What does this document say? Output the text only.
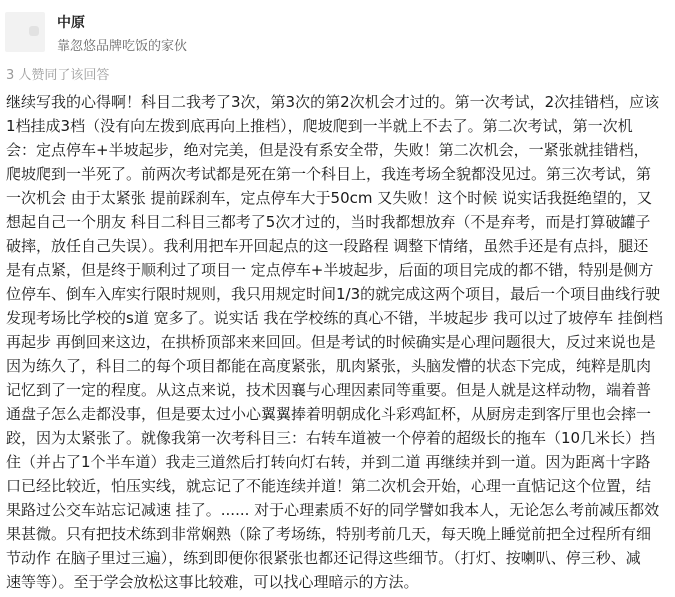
中原
靠忽悠品牌吃饭的家伙
3 人赞同了该回答
继续写我的心得啊！科目二我考了3次，第3次的第2次机会才过的。第一次考试，2次挂错档，应该
1档挂成3档（没有向左拨到底再向上推档），爬坡爬到一半就上不去了。第二次考试，第一次机
会：定点停车+半坡起步，绝对完美，但是没有系安全带，失败！第二次机会，一紧张就挂错档，
爬坡爬到一半死了。前两次考试都是死在第一个科目上，我连考场全貌都没见过。第三次考试，第
一次机会 由于太紧张 提前踩刹车，定点停车大于50cm 又失败！这个时候 说实话我挺绝望的，又
想起自己一个朋友 科目二科目三都考了5次才过的，当时我都想放弃（不是弃考，而是打算破罐子
破摔，放任自己失误）。我利用把车开回起点的这一段路程 调整下情绪，虽然手还是有点抖，腿还
是有点紧，但是终于顺利过了项目一 定点停车+半坡起步，后面的项目完成的都不错，特别是侧方
位停车、倒车入库实行限时规则，我只用规定时间1/3的就完成这两个项目，最后一个项目曲线行驶
发现考场比学校的s道 宽多了。说实话 我在学校练的真心不错，半坡起步 我可以过了坡停车 挂倒档
再起步 再倒回来这边，在拱桥顶部来来回回。但是考试的时候确实是心理问题很大，反过来说也是
因为练久了，科目二的每个项目都能在高度紧张，肌肉紧张，头脑发懵的状态下完成，纯粹是肌肉
记忆到了一定的程度。从这点来说，技术因襄与心理因素同等重要。但是人就是这样动物，端着普
通盘子怎么走都没事，但是要太过小心翼翼捧着明朝成化斗彩鸡缸杯，从厨房走到客厅里也会摔一
跤，因为太紧张了。就像我第一次考科目三：右转车道被一个停着的超级长的拖车（10几米长）挡
住（并占了1个半车道）我走三道然后打转向灯右转，并到二道 再继续并到一道。因为距离十字路
口已经比较近，怕压实线，就忘记了不能连续并道！第二次机会开始，心理一直惦记这个位置，结
果路过公交车站忘记减速 挂了。...... 对于心理素质不好的同学譬如我本人，无论怎么考前减压都效
果甚微。只有把技术练到非常娴熟（除了考场练，特别考前几天，每天晚上睡觉前把全过程所有细
节动作 在脑子里过三遍），练到即便你很紧张也都还记得这些细节。（打灯、按喇叭、停三秒、减
速等等）。至于学会放松这事比较难，可以找心理暗示的方法。
